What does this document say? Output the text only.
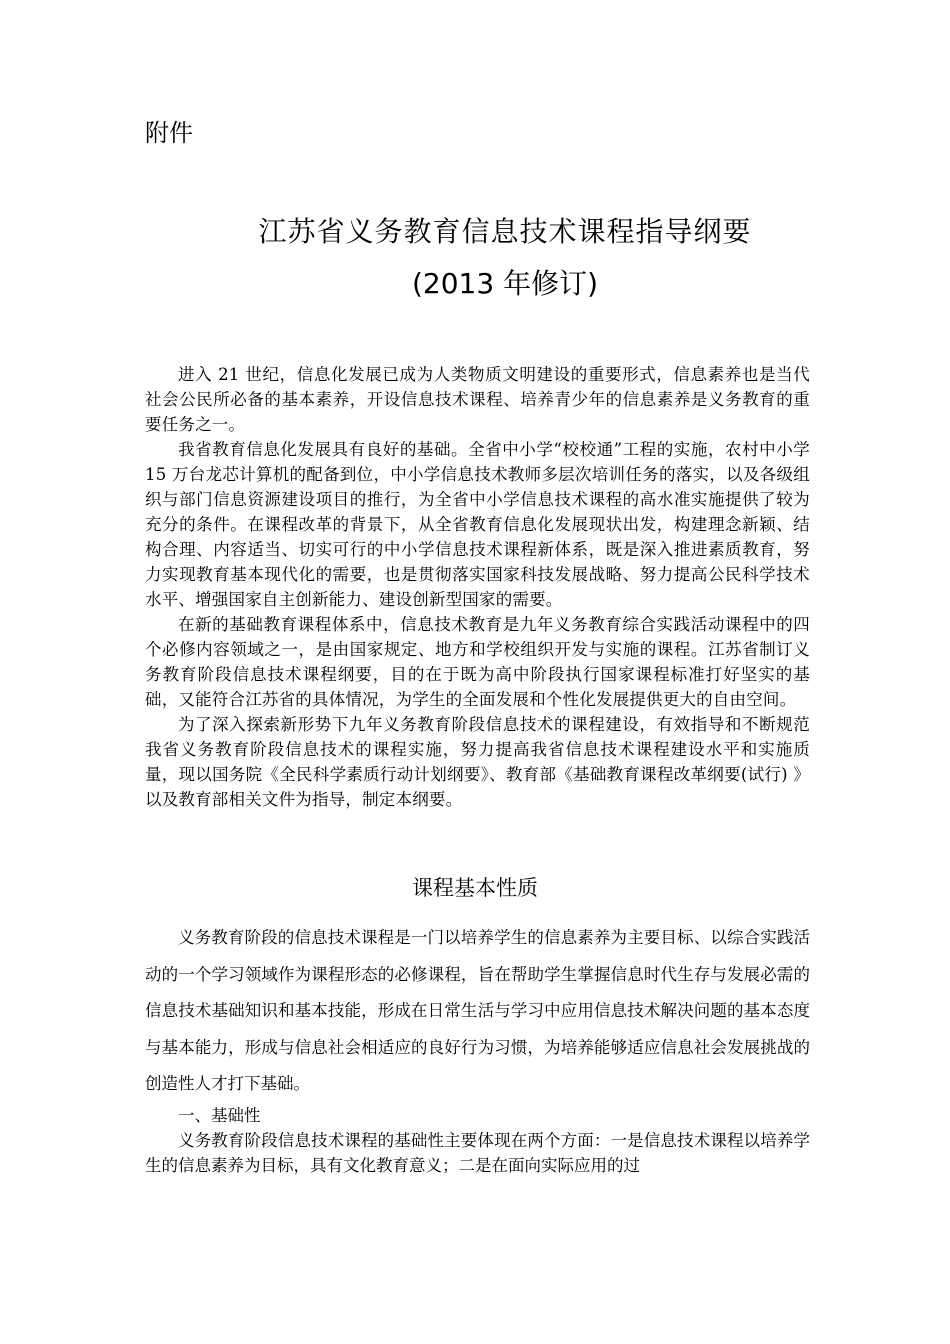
附件
江苏省义务教育信息技术课程指导纲要
(2013 年修订)

进入 21 世纪，信息化发展已成为人类物质文明建设的重要形式，信息素养也是当代社会公民所必备的基本素养，开设信息技术课程、培养青少年的信息素养是义务教育的重要任务之一。

我省教育信息化发展具有良好的基础。全省中小学“校校通”工程的实施，农村中小学 15 万台龙芯计算机的配备到位，中小学信息技术教师多层次培训任务的落实，以及各级组织与部门信息资源建设项目的推行，为全省中小学信息技术课程的高水准实施提供了较为充分的条件。在课程改革的背景下，从全省教育信息化发展现状出发，构建理念新颖、结构合理、内容适当、切实可行的中小学信息技术课程新体系，既是深入推进素质教育，努力实现教育基本现代化的需要，也是贯彻落实国家科技发展战略、努力提高公民科学技术水平、增强国家自主创新能力、建设创新型国家的需要。

在新的基础教育课程体系中，信息技术教育是九年义务教育综合实践活动课程中的四个必修内容领域之一，是由国家规定、地方和学校组织开发与实施的课程。江苏省制订义务教育阶段信息技术课程纲要，目的在于既为高中阶段执行国家课程标准打好坚实的基础，又能符合江苏省的具体情况，为学生的全面发展和个性化发展提供更大的自由空间。

为了深入探索新形势下九年义务教育阶段信息技术的课程建设，有效指导和不断规范我省义务教育阶段信息技术的课程实施，努力提高我省信息技术课程建设水平和实施质量，现以国务院《全民科学素质行动计划纲要》、教育部《基础教育课程改革纲要(试行) 》以及教育部相关文件为指导，制定本纲要。

课程基本性质

义务教育阶段的信息技术课程是一门以培养学生的信息素养为主要目标、以综合实践活动的一个学习领域作为课程形态的必修课程，旨在帮助学生掌握信息时代生存与发展必需的信息技术基础知识和基本技能，形成在日常生活与学习中应用信息技术解决问题的基本态度与基本能力，形成与信息社会相适应的良好行为习惯，为培养能够适应信息社会发展挑战的创造性人才打下基础。

一、基础性

义务教育阶段信息技术课程的基础性主要体现在两个方面：一是信息技术课程以培养学生的信息素养为目标，具有文化教育意义；二是在面向实际应用的过
